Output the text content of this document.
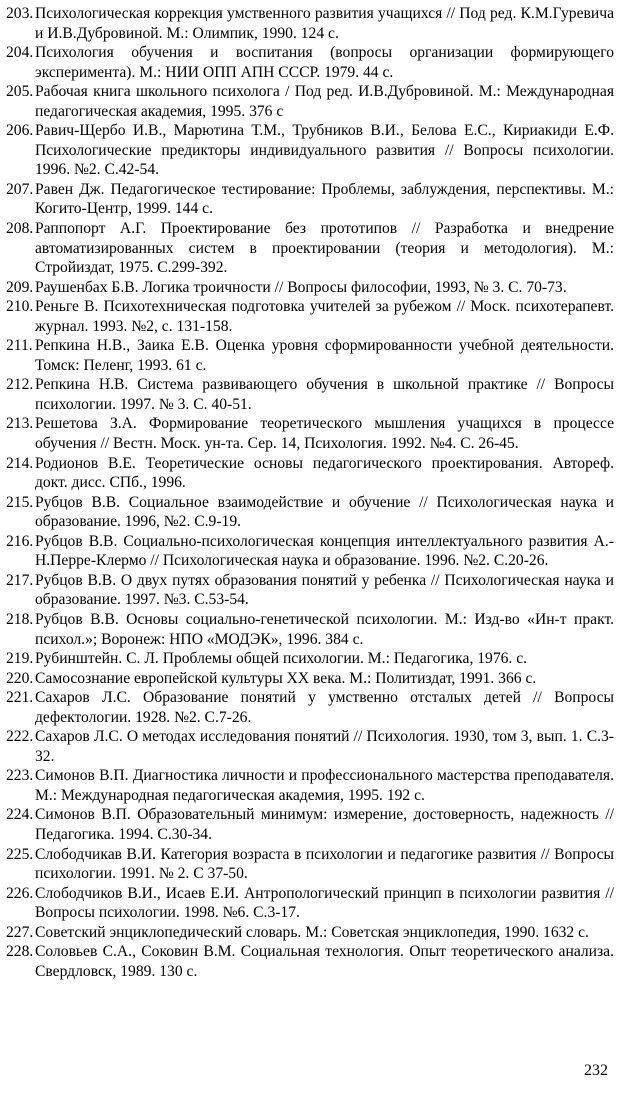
203. Психологическая коррекция умственного развития учащихся // Под ред. К.М.Гуревича и И.В.Дубровиной. М.: Олимпик, 1990. 124 с.

204. Психология обучения и воспитания (вопросы организации формирующего эксперимента). М.: НИИ ОПП АПН СССР. 1979. 44 с.

205. Рабочая книга школьного психолога / Под ред. И.В.Дубровиной. М.: Международная педагогическая академия, 1995. 376 с

206. Равич-Щербо И.В., Марютина Т.М., Трубников В.И., Белова Е.С., Кириакиди Е.Ф. Психологические предикторы индивидуального развития // Вопросы психологии. 1996. №2. С.42-54.

207. Равен Дж. Педагогическое тестирование: Проблемы, заблуждения, перспективы. М.: Когито-Центр, 1999. 144 с.

208. Раппопорт А.Г. Проектирование без прототипов // Разработка и внедрение автоматизированных систем в проектировании (теория и методология). М.: Стройиздат, 1975. С.299-392.

209. Раушенбах Б.В. Логика троичности // Вопросы философии, 1993, № 3. С. 70-73.

210. Реньге В. Психотехническая подготовка учителей за рубежом // Моск. психотерапевт. журнал. 1993. №2, с. 131-158.

211. Репкина Н.В., Заика Е.В. Оценка уровня сформированности учебной деятельности. Томск: Пеленг, 1993. 61 с.

212. Репкина Н.В. Система развивающего обучения в школьной практике // Вопросы психологии. 1997. № 3. С. 40-51.

213. Решетова З.А. Формирование теоретического мышления учащихся в процессе обучения // Вестн. Моск. ун-та. Сер. 14, Психология. 1992. №4. С. 26-45.

214. Родионов В.Е. Теоретические основы педагогического проектирования. Автореф. докт. дисс. СПб., 1996.

215. Рубцов В.В. Социальное взаимодействие и обучение // Психологическая наука и образование. 1996, №2. С.9-19.

216. Рубцов В.В. Социально-психологическая концепция интеллектуального развития А.-Н.Перре-Клермо // Психологическая наука и образование. 1996. №2. С.20-26.

217. Рубцов В.В. О двух путях образования понятий у ребенка // Психологическая наука и образование. 1997. №3. С.53-54.

218. Рубцов В.В. Основы социально-генетической психологии. М.: Изд-во «Ин-т практ. психол.»; Воронеж: НПО «МОДЭК», 1996. 384 с.

219. Рубинштейн. С. Л. Проблемы общей психологии. М.: Педагогика, 1976. с.

220. Самосознание европейской культуры XX века. М.: Политиздат, 1991. 366 с.

221. Сахаров Л.С. Образование понятий у умственно отсталых детей // Вопросы дефектологии. 1928. №2. С.7-26.

222. Сахаров Л.С. О методах исследования понятий // Психология. 1930, том 3, вып. 1. С.3-32.

223. Симонов В.П. Диагностика личности и профессионального мастерства преподавателя. М.: Международная педагогическая академия, 1995. 192 с.

224. Симонов В.П. Образовательный минимум: измерение, достоверность, надежность // Педагогика. 1994. С.30-34.

225. Слободчикав В.И. Категория возраста в психологии и педагогике развития // Вопросы психологии. 1991. № 2. С 37-50.

226. Слободчиков В.И., Исаев Е.И. Антропологический принцип в психологии развития // Вопросы психологии. 1998. №6. С.3-17.

227. Советский энциклопедический словарь. М.: Советская энциклопедия, 1990. 1632 с.

228. Соловьев С.А., Соковин В.М. Социальная технология. Опыт теоретического анализа. Свердловск, 1989. 130 с.

232
